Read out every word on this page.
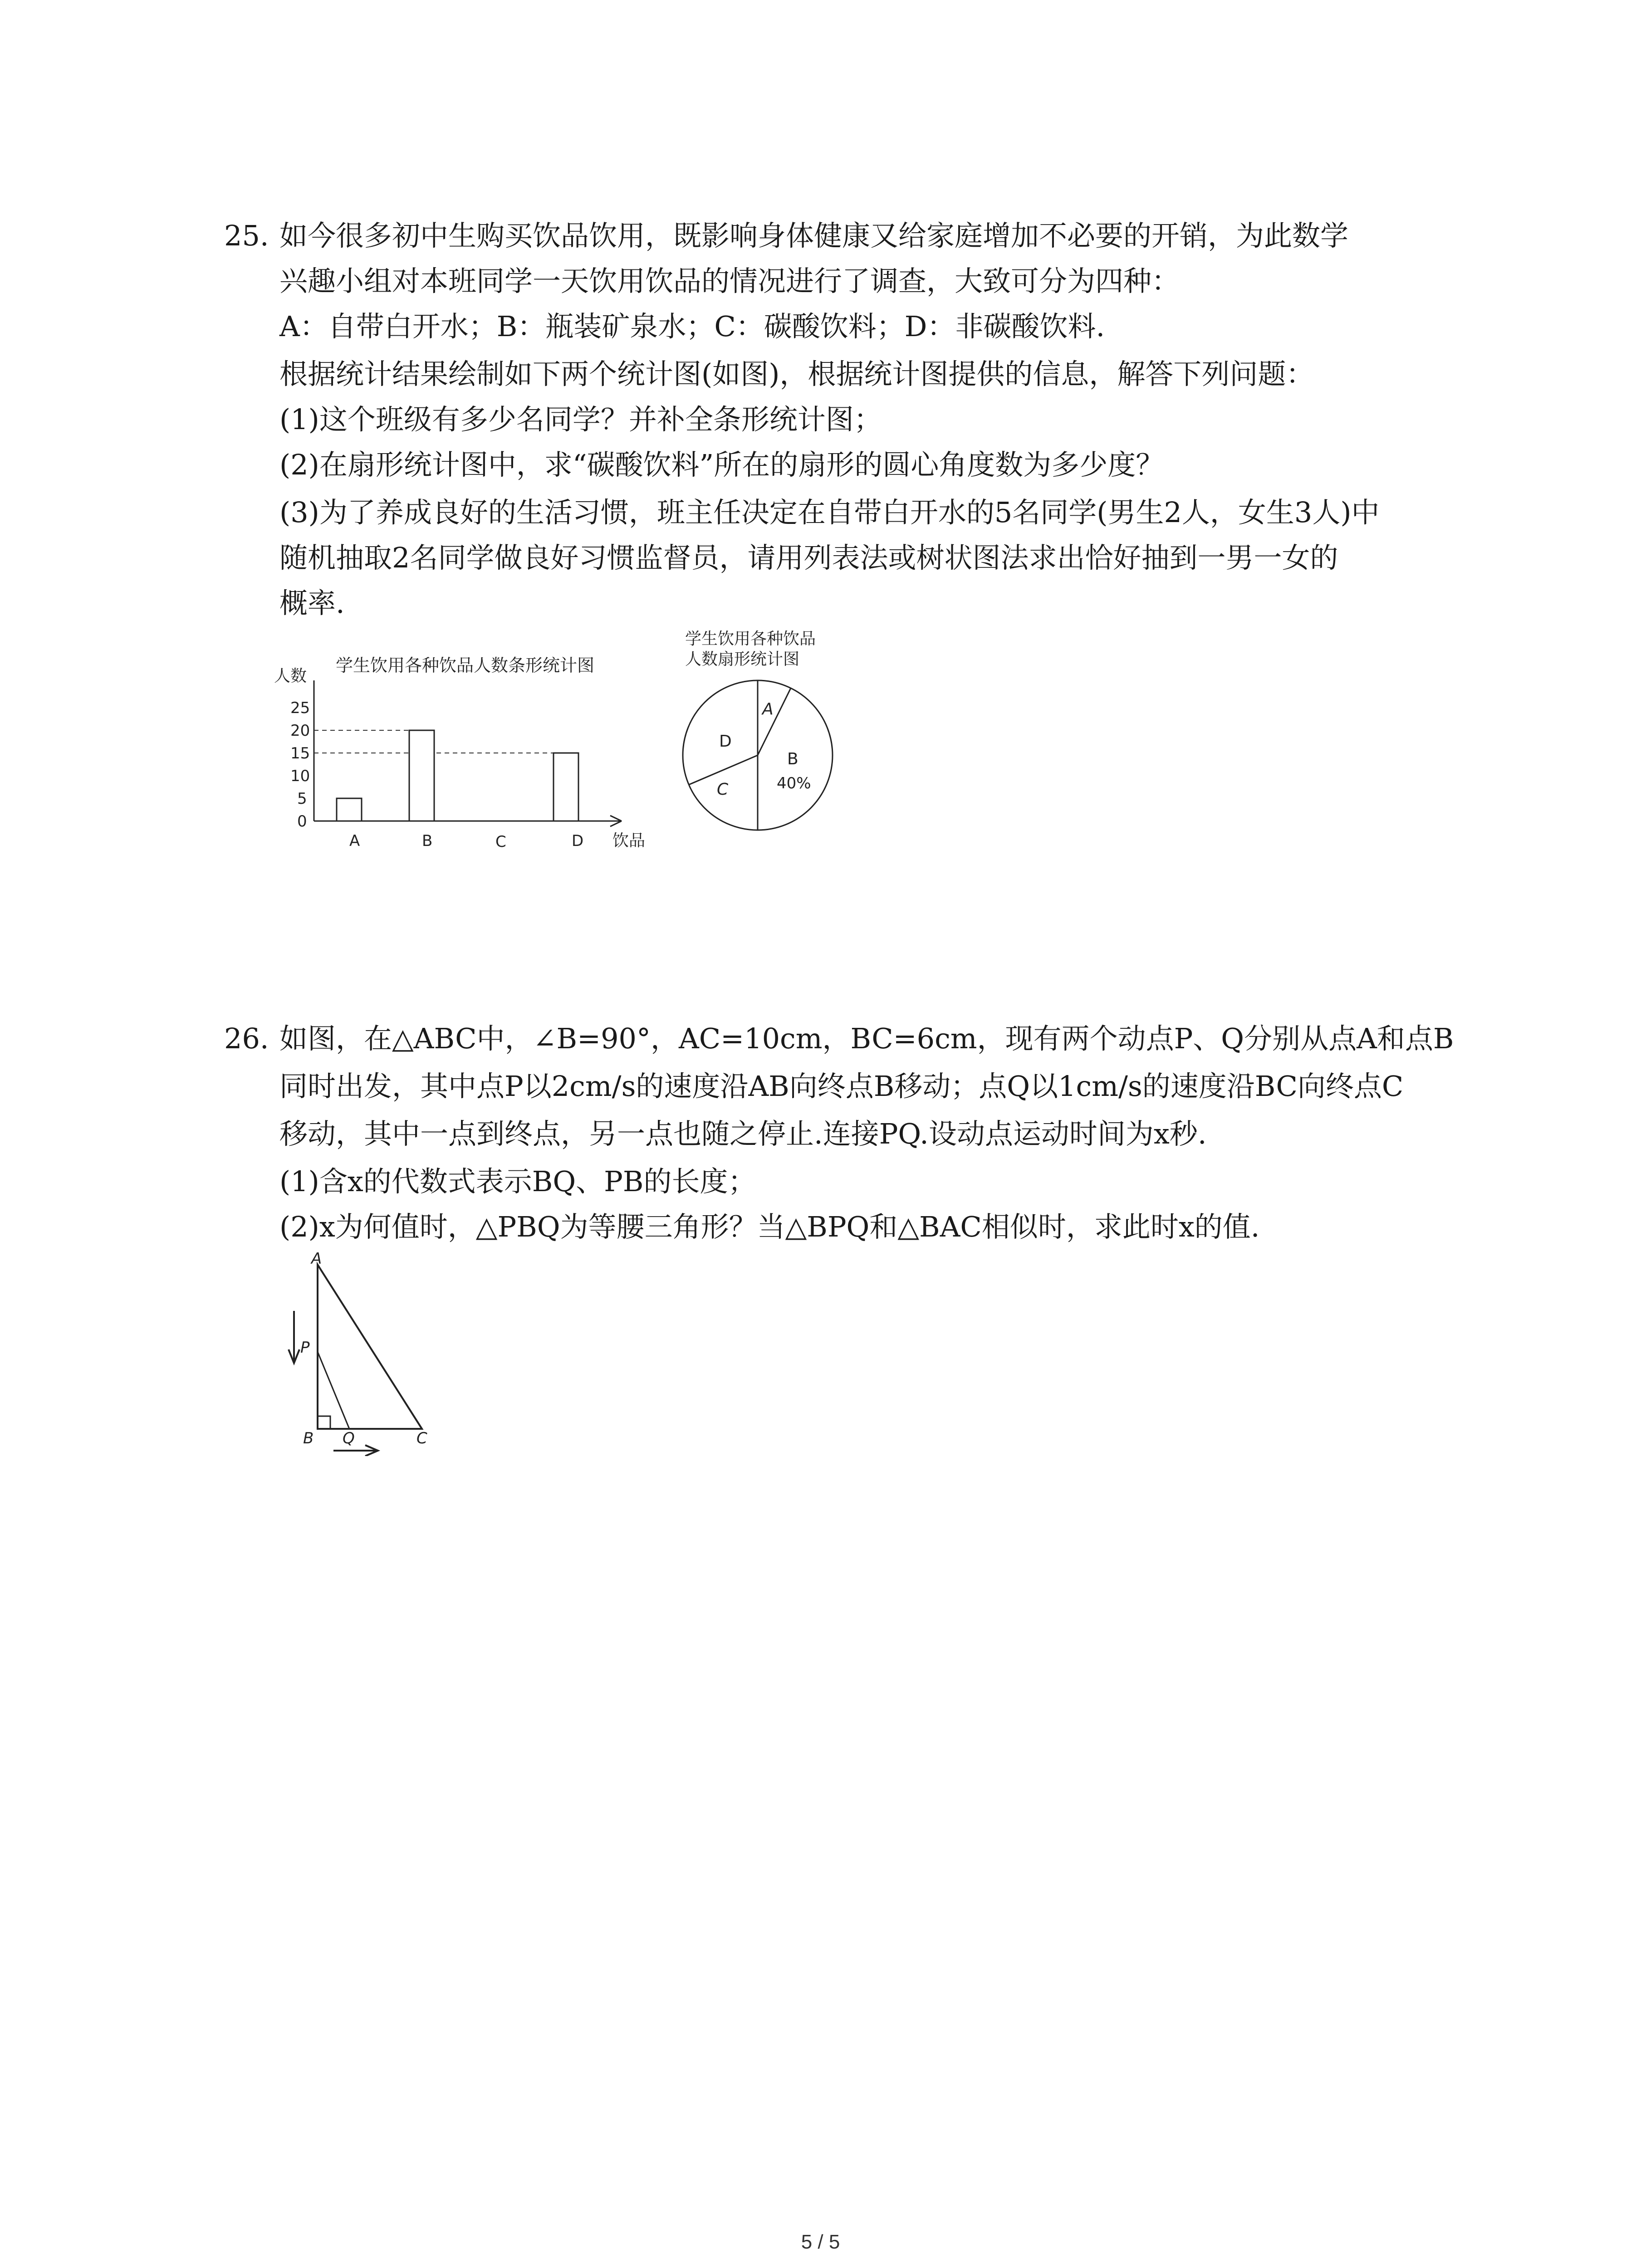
25. 如今很多初中生购买饮品饮用，既影响身体健康又给家庭增加不必要的开销，为此数学
兴趣小组对本班同学一天饮用饮品的情况进行了调查，大致可分为四种：
A：自带白开水；B：瓶装矿泉水；C：碳酸饮料；D：非碳酸饮料.
根据统计结果绘制如下两个统计图(如图)，根据统计图提供的信息，解答下列问题：
(1)这个班级有多少名同学？并补全条形统计图；
(2)在扇形统计图中，求“碳酸饮料”所在的扇形的圆心角度数为多少度？
(3)为了养成良好的生活习惯，班主任决定在自带白开水的5名同学(男生2人，女生3人)中
随机抽取2名同学做良好习惯监督员，请用列表法或树状图法求出恰好抽到一男一女的
概率.
学生饮用各种饮品人数条形统计图
人数
0
5
10
15
20
25
A	B	C	D 饮品
学生饮用各种饮品
人数扇形统计图
A
B
40%
C
D
26. 如图，在△ABC中，∠B=90°，AC=10cm，BC=6cm，现有两个动点P、Q分别从点A和点B
同时出发，其中点P以2cm/s的速度沿AB向终点B移动；点Q以1cm/s的速度沿BC向终点C
移动，其中一点到终点，另一点也随之停止.连接PQ.设动点运动时间为x秒.
(1)含x的代数式表示BQ、PB的长度；
(2)x为何值时，△PBQ为等腰三角形？当△BPQ和△BAC相似时，求此时x的值.
A
P
B Q	C
5 / 5
